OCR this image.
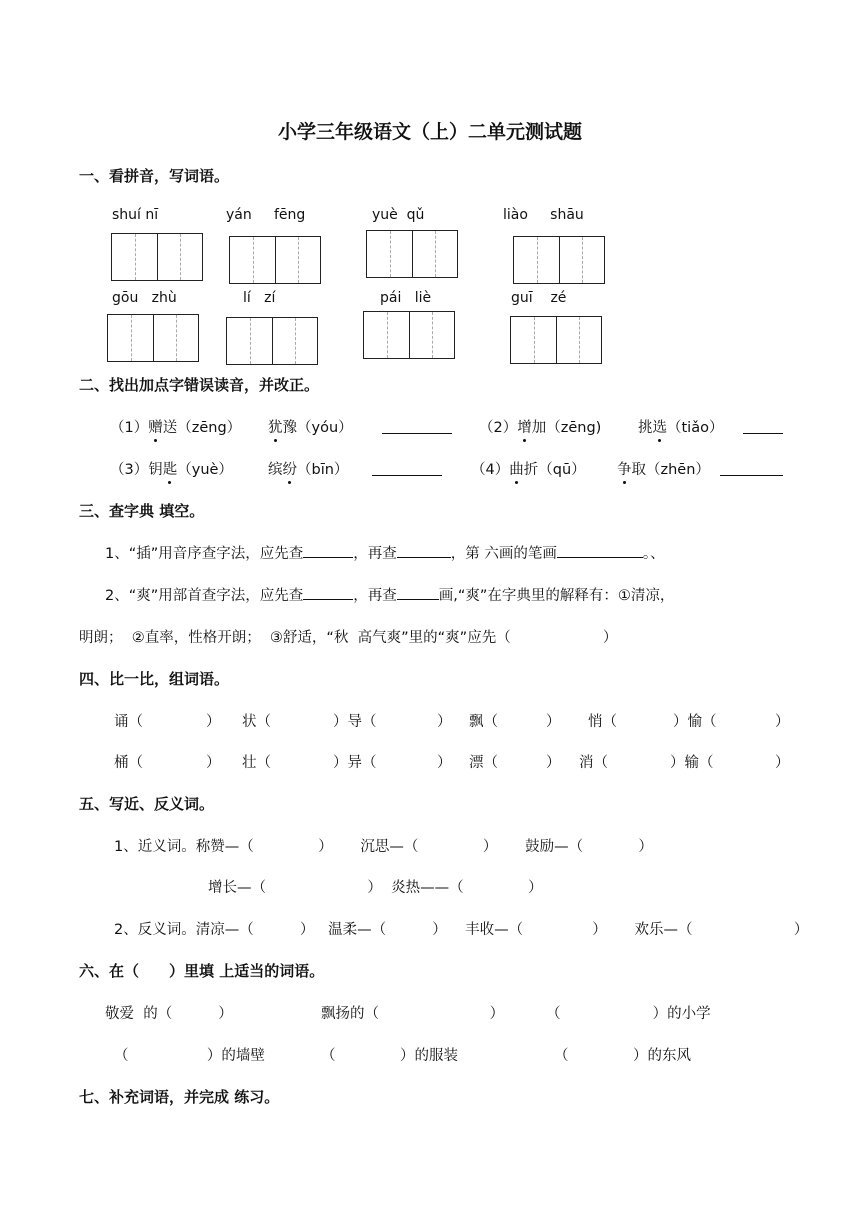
小学三年级语文（上）二单元测试题
一、看拼音，写词语。
shuí nī	yán     fēng	yuè  qǔ	liào     shāu
gōu   zhù	lí   zí	pái   liè	guī    zé
二、找出加点字错误读音，并改正。
（1）赠送（zēng） 犹豫（yóu）	（2）增加（zēng)	挑选（tiǎo）
（3）钥匙（yuè） 缤纷（bīn）	（4）曲折（qū） 争取（zhēn）
三、查字典 填空。
1、“插”用音序查字法，应先查	，再查	，第 六画的笔画	。、
2、“爽”用部首查字法，应先查	，再查	画,“爽”在字典里的解释有：①清凉，
明朗；  ②直率，性格开朗；  ③舒适，“秋  高气爽”里的“爽”应先（                    ）
四、比一比，组词语。
诵（	） 状（	）导（	） 飘（	） 悄（	）愉（	）
桶（	） 壮（	）异（	） 漂（	） 消（	）输（	）
五、写近、反义词。
1、近义词。称赞—（              ）      沉思—（              ）      鼓励—（            ）
增长—（                      ）  炎热——（              ）
2、反义词。清凉—（          ）   温柔—（          ）    丰收—（               ）      欢乐—（                      ）
六、在（　　）里填 上适当的词语。
敬爱  的（          ）	飘扬的（                        ）	（                    ）的小学
（                 ）的墙壁	（              ）的服装	（              ）的东风
七、补充词语，并完成 练习。
